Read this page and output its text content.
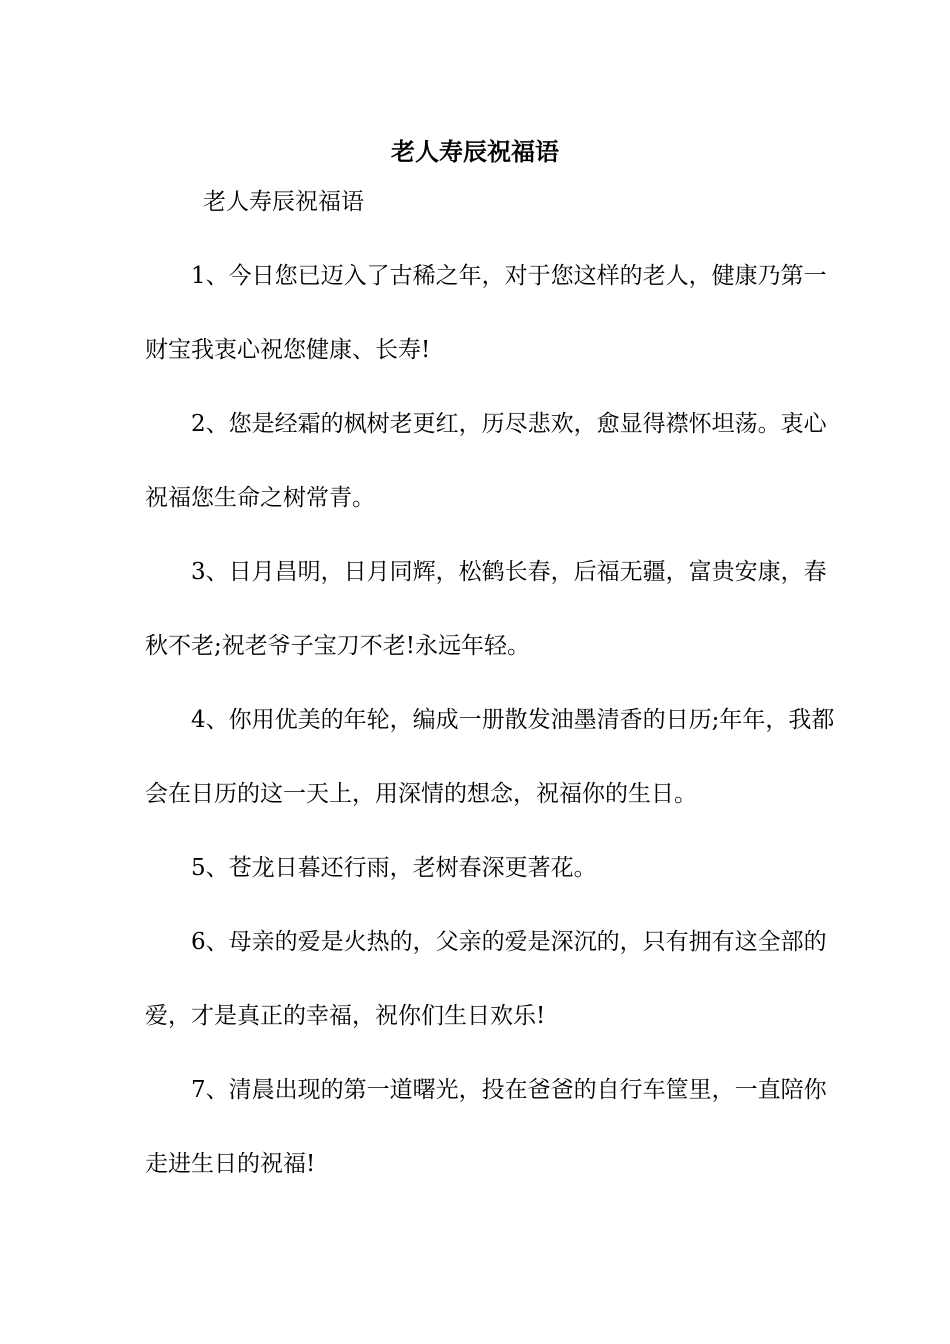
老人寿辰祝福语
老人寿辰祝福语

1、今日您已迈入了古稀之年，对于您这样的老人，健康乃第一财宝我衷心祝您健康、长寿!

2、您是经霜的枫树老更红，历尽悲欢，愈显得襟怀坦荡。衷心祝福您生命之树常青。

3、日月昌明，日月同辉，松鹤长春，后福无疆，富贵安康，春秋不老;祝老爷子宝刀不老!永远年轻。

4、你用优美的年轮，编成一册散发油墨清香的日历;年年，我都会在日历的这一天上，用深情的想念，祝福你的生日。

5、苍龙日暮还行雨，老树春深更著花。

6、母亲的爱是火热的，父亲的爱是深沉的，只有拥有这全部的爱，才是真正的幸福，祝你们生日欢乐!

7、清晨出现的第一道曙光，投在爸爸的自行车筐里，一直陪你走进生日的祝福!
